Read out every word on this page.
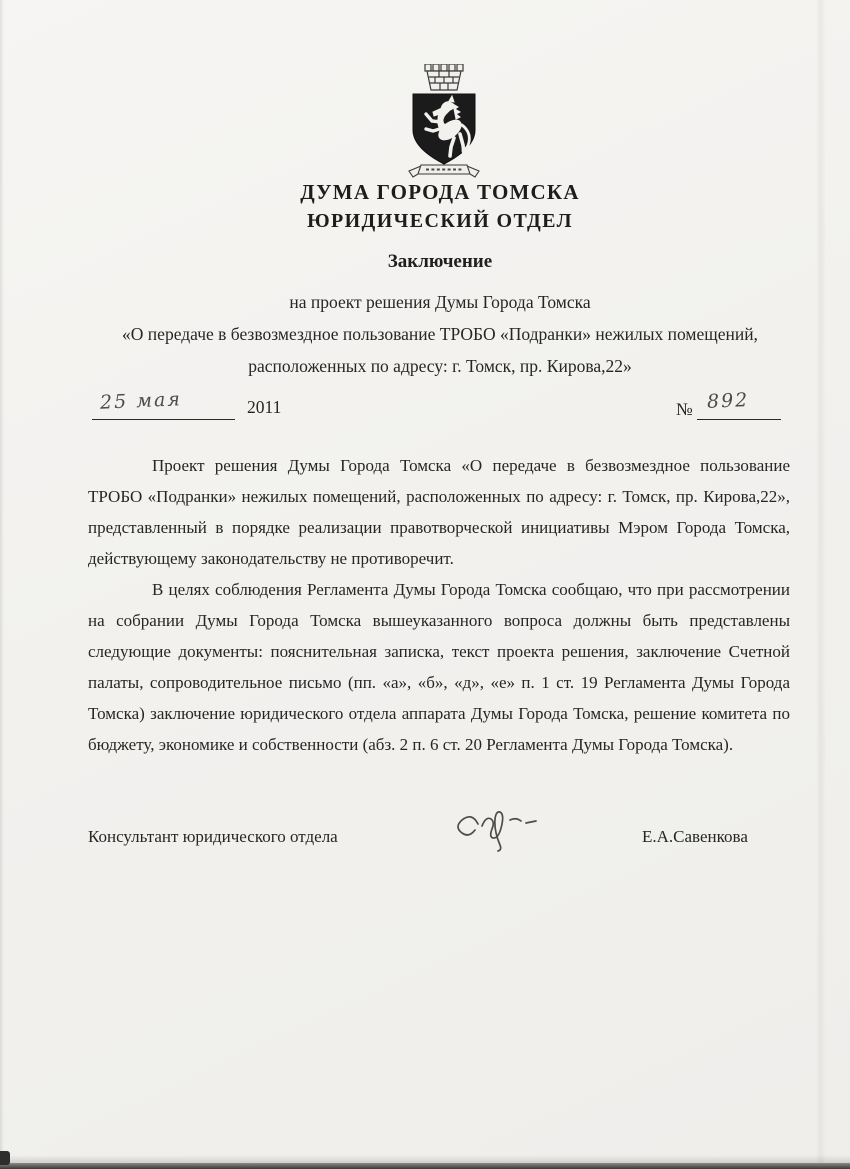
ДУМА ГОРОДА ТОМСКА
ЮРИДИЧЕСКИЙ ОТДЕЛ
Заключение
на проект решения Думы Города Томска
«О передаче в безвозмездное пользование ТРОБО «Подранки» нежилых помещений,
расположенных по адресу: г. Томск, пр. Кирова,22»
25 мая	2011	№ 892

Проект решения Думы Города Томска «О передаче в безвозмездное пользование ТРОБО «Подранки» нежилых помещений, расположенных по адресу: г. Томск, пр. Кирова,22», представленный в порядке реализации правотворческой инициативы Мэром Города Томска, действующему законодательству не противоречит.

В целях соблюдения Регламента Думы Города Томска сообщаю, что при рассмотрении на собрании Думы Города Томска вышеуказанного вопроса должны быть представлены следующие документы: пояснительная записка, текст проекта решения, заключение Счетной палаты, сопроводительное письмо (пп. «а», «б», «д», «е» п. 1 ст. 19 Регламента Думы Города Томска) заключение юридического отдела аппарата Думы Города Томска, решение комитета по бюджету, экономике и собственности (абз. 2 п. 6 ст. 20 Регламента Думы Города Томска).

Консультант юридического отдела	Е.А.Савенкова
